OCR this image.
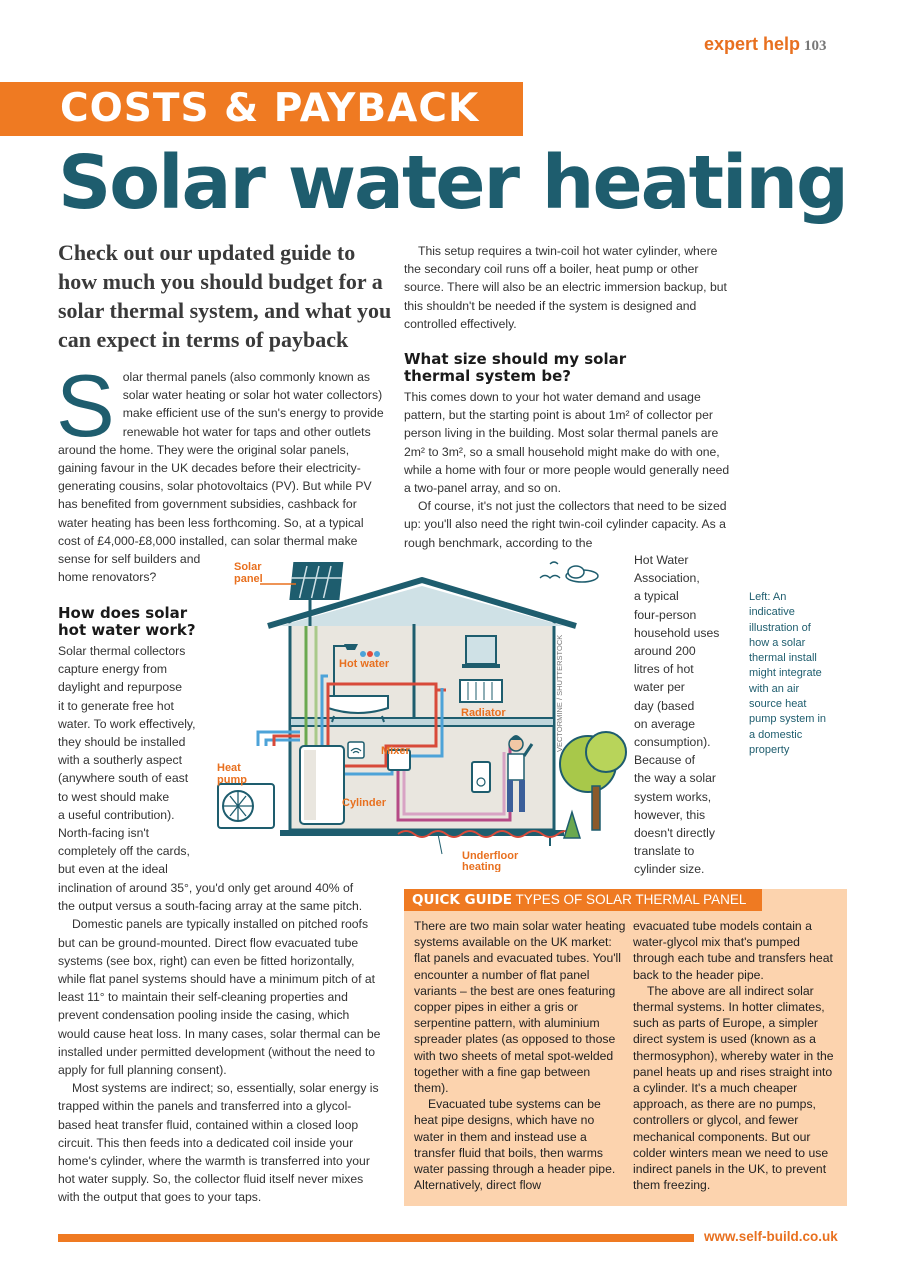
expert help 103
COSTS & PAYBACK
Solar water heating
Check out our updated guide to how much you should budget for a solar thermal system, and what you can expect in terms of payback
S olar thermal panels (also commonly known as
solar water heating or solar hot water collectors)
make efficient use of the sun's energy to provide
renewable hot water for taps and other outlets
around the home. They were the original solar panels,
gaining favour in the UK decades before their electricity-
generating cousins, solar photovoltaics (PV). But while PV
has benefited from government subsidies, cashback for
water heating has been less forthcoming. So, at a typical
cost of £4,000-£8,000 installed, can solar thermal make
sense for self builders and
home renovators?
How does solar hot water work?
Solar thermal collectors
capture energy from
daylight and repurpose
it to generate free hot
water. To work effectively,
they should be installed
with a southerly aspect
(anywhere south of east
to west should make
a useful contribution).
North-facing isn't
completely off the cards,
but even at the ideal
inclination of around 35°, you'd only get around 40% of
the output versus a south-facing array at the same pitch.

Domestic panels are typically installed on pitched roofs but can be ground-mounted. Direct flow evacuated tube systems (see box, right) can even be fitted horizontally, while flat panel systems should have a minimum pitch of at least 11° to maintain their self-cleaning properties and prevent condensation pooling inside the casing, which would cause heat loss. In many cases, solar thermal can be installed under permitted development (without the need to apply for full planning consent).

Most systems are indirect; so, essentially, solar energy is trapped within the panels and transferred into a glycol-based heat transfer fluid, contained within a closed loop circuit. This then feeds into a dedicated coil inside your home's cylinder, where the warmth is transferred into your hot water supply. So, the collector fluid itself never mixes with the output that goes to your taps.

This setup requires a twin-coil hot water cylinder, where the secondary coil runs off a boiler, heat pump or other source. There will also be an electric immersion backup, but this shouldn't be needed if the system is designed and controlled effectively.

What size should my solar thermal system be?

This comes down to your hot water demand and usage pattern, but the starting point is about 1m² of collector per person living in the building. Most solar thermal panels are 2m² to 3m², so a small household might make do with one, while a home with four or more people would generally need a two-panel array, and so on.

Of course, it's not just the collectors that need to be sized up: you'll also need the right twin-coil cylinder capacity. As a rough benchmark, according to the

Hot Water
Association,
a typical
four-person
household uses
around 200
litres of hot
water per
day (based
on average
consumption).
Because of
the way a solar
system works,
however, this
doesn't directly
translate to
cylinder size.
Left: An indicative illustration of how a solar thermal install might integrate with an air source heat pump system in a domestic property
Solar
panel
Hot water
Radiator
Mixer
Heat
pump
Cylinder
Underfloor
heating
VECTORMINE / SHUTTERSTOCK
QUICK GUIDE TYPES OF SOLAR THERMAL PANEL

There are two main solar water heating systems available on the UK market: flat panels and evacuated tubes. You'll encounter a number of flat panel variants – the best are ones featuring copper pipes in either a gris or serpentine pattern, with aluminium spreader plates (as opposed to those with two sheets of metal spot-welded together with a fine gap between them).

Evacuated tube systems can be heat pipe designs, which have no water in them and instead use a transfer fluid that boils, then warms water passing through a header pipe. Alternatively, direct flow

evacuated tube models contain a water-glycol mix that's pumped through each tube and transfers heat back to the header pipe.

The above are all indirect solar thermal systems. In hotter climates, such as parts of Europe, a simpler direct system is used (known as a thermosyphon), whereby water in the panel heats up and rises straight into a cylinder. It's a much cheaper approach, as there are no pumps, controllers or glycol, and fewer mechanical components. But our colder winters mean we need to use indirect panels in the UK, to prevent them freezing.

www.self-build.co.uk
